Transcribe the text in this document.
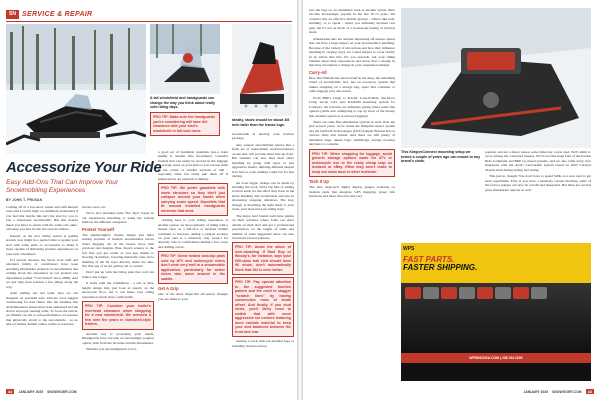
SN SERVICE & REPAIR
A tall windshield and handguards can change the way you think about really cold riding days.
PRO TIP: Make sure the handguards you're considering will have full clearance with your sled's windshield in full-lock turns.
Accessorize Your Ride
Easy Add-Ons That Can Improve Your Snowmobiling Experiences
BY JOHN T. PRUSAK

Coming off of a low-snow winter and with interest rates still a tad bit high, we definitely understand if you feel that maybe this isn't the year for you to buy a brand-new snowmobile. But that doesn't mean you have to return with the same-old, same-old setup you had for the last several winters.

Instead, as the new riding season is getting started, now might be a perfect time to update your sled with some parts or accessories to make it more capable of delivering positive experiences on your next adventures.

For several decades, the Snow Goer staff and extended family of contributors have been attaching aftermarket products to snowmobiles and writing about the experience in our product test department (called "Cold Tested" since 2006). And we just may have learned a few things along the way.

After pulling our test team, here are our thoughts on potential easy add-ons we'd suggest considering for trail riders. Our list assumes that all maintenance issues have been addressed and the sled is in proper running order. To focus the article, we limited our list to non-performance accessories that physically attach to the snowmobile - so no add-on dollies, helmet radios, trailer accessories,

service tools, etc.

We've also included some "Pro Tips" based on our experiences installing or using the various items in the different categories.

Protect Yourself

The smaller/lighter chassis design and taller seating position of modern snowmobiles leaves riders hugging out in the breeze more than previous sled designs. Plus, there's science to the fact that you get colder as you age, thanks to slowing circulation, lowering metabolic rates and a thinning of the fat layer directly under the skin. Not that any of us are getting old or course!

Don't put up with the biting pain that cold can induce any longer.

It starts with the windshield - a tall or mid-height design may just look as snazzy on the showroom floor, but it can make your riding experiences much more comfortable.

PRO TIP: Consider your trailer's overhead clearance when shopping for a new windshield. We wrecked a few over the years in clamshell-style trailers.

Another key is protecting your hands. Handguards have become an increasingly popular option, both from the factories and the aftermarket.

Whether you use handguards or not,

a good set of handlebar gauntlets (a.k.a. hand muffs) is another fine investment. Consider models that can easily be stowed in the luggage or storage areas on your sled so you can use them in the colder or windier sections of trail - especially latter but easily pull them off if temperatures are pleasant at midday.

PRO TIP: We prefer gauntlets with some structure so they don't just collapse around your hands when carrying some speed. Gauntlets that fit around installed handguards minimize that need.

Adding heat to your riding experience is another option. As the popularity of riding with a heated visor on a full-face or modular helmet continues to increase, adding a plug-in location on your sled is a relatively easy project for anybody who is comfortable running a few wires and drilling a hole.

PRO TIP: Some heated seat-top pads sold by ATV and motorcycle riders don't work very well in a snowmobile application, particularly for active riders who move around in the saddle.
Get A Grip

One of the most impactful off-season changes you can make to your

Ideally, studs should be about 3/8 inch taller than the tracks lugs.

snowmobile is altering your traction package.

Any veteran snowmobiler knows that a fresh set of replacement wearbars/runners on the skis will provide more bite up front. But sledders can also alter their sled's handling by going with more or less aggressive inserts, utilizing different shaped host bars or even running a split bar for less darting.

An even bigger change can be made by studding the track. We're big fans of adding traction studs for the effect they have in the sled's handling and acceleration and also in shortening stopping distances. The key, though, is matching the right studs to your track, your sled and your riding style.

The major stud brands each have guides on their websites where folks can enter details on their sled and get a professional prescription on the length of studs and number of studs suggested; there can also download traction patterns.

PRO TIP: Avoid the allure of over-studding. If Stud Boy or Woody's, for instance, says your 600-class trail sled should have 96 studs, don't automatically think that 192 is even better.
PRO TIP: Pay special attention to the suggested traction pattern and the need to stagger "scratch lines" by having consecutive rows of studs offset. And finally, if you stud sleds, you'll likely need to switch that with more aggressive ski runners featuring more carbide material to keep your sled balanced between the front and rear.

Getting a track with pre-studded lugs or installing traction screws

42	JANUARY 2025 SNOWGOER.COM

into the lugs on an unstudded track is another option that's become increasingly popular in the last 10-15 years. We consider this an effective middle ground - almost like half-studding, so to speak - where you definitely increase rear grip, but it's not as much of a hooked-up feeling as traction studs.

Aftermarket skis are another interesting off-season option that can have a huge impact on your snowmobile's handling. Because of the variety of ski options and how they influence handling in varying ways, it's a hard subject to cover briefly in an article like this. Do you research, ask your riding buddies about their experiences and know that a change in skis may necessitate a change in your suspension settings.

Carry-All

How that Yamaha has shown itself in the deep, the remaining brand of snowmobile now has an accessory system that makes strapping on a storage bag, spare fuel container or other luggage easy and secure.

From BRP's Lin@ to Polaris' Lock-N-Ride, Ski-Doo's LinQ, Arctic Cat's new RAXZM mounting system for Catalysts, the factories are definitely giving riders some fine options (while also attempting to sop up most of the money that sledders spend on accessory luggage).

There are some fine aftermarket options as well. Over the past several years, we've tested the KimpexConnect system and the UpNorth Technologies (UnT) Adapter Bracket Kit on various sleds and brands. And there are still plenty of handlebar bags, tunnel bags, saddlebags, storage pouches and more to consider.

PRO TIP: When shopping for luggage, avoid generic storage options made for ATV or motorcycle use or the really cheap crap on Amazon or eBay. Often they aren't make to keep out snow dust or other moisture.
Tech It Up

The new, high-tech digital display gauges available on modern sleds that integrate GPS mapping, group ride functions and more have become very

This KimpexConnect mounting setup we tested a couple of years ago can mount to any brand's sleds.

popular, and are a major reason some folks buy a new sled. We'll admit it, we're among the converted masses. We've become huge fans of the Polaris Ride Command and BRP Go-based systems, and we also came away very impressed with the Arctic Cat/Garmin system found on 2025 Catalyst chassis sleds during testing last spring.

This just in, though: You don't have to spend $20k on a new sled to get such capabilities. First, if you have a relatively current machine, some of the factory gauges can now be retrofit and integrated. But there are several great aftermarket options as well.

WPS
FAST PARTS.
FASTER SHIPPING.
WPSINCUSA.COM | 208.762.2200
JANUARY 2025 SNOWGOER.COM	43
